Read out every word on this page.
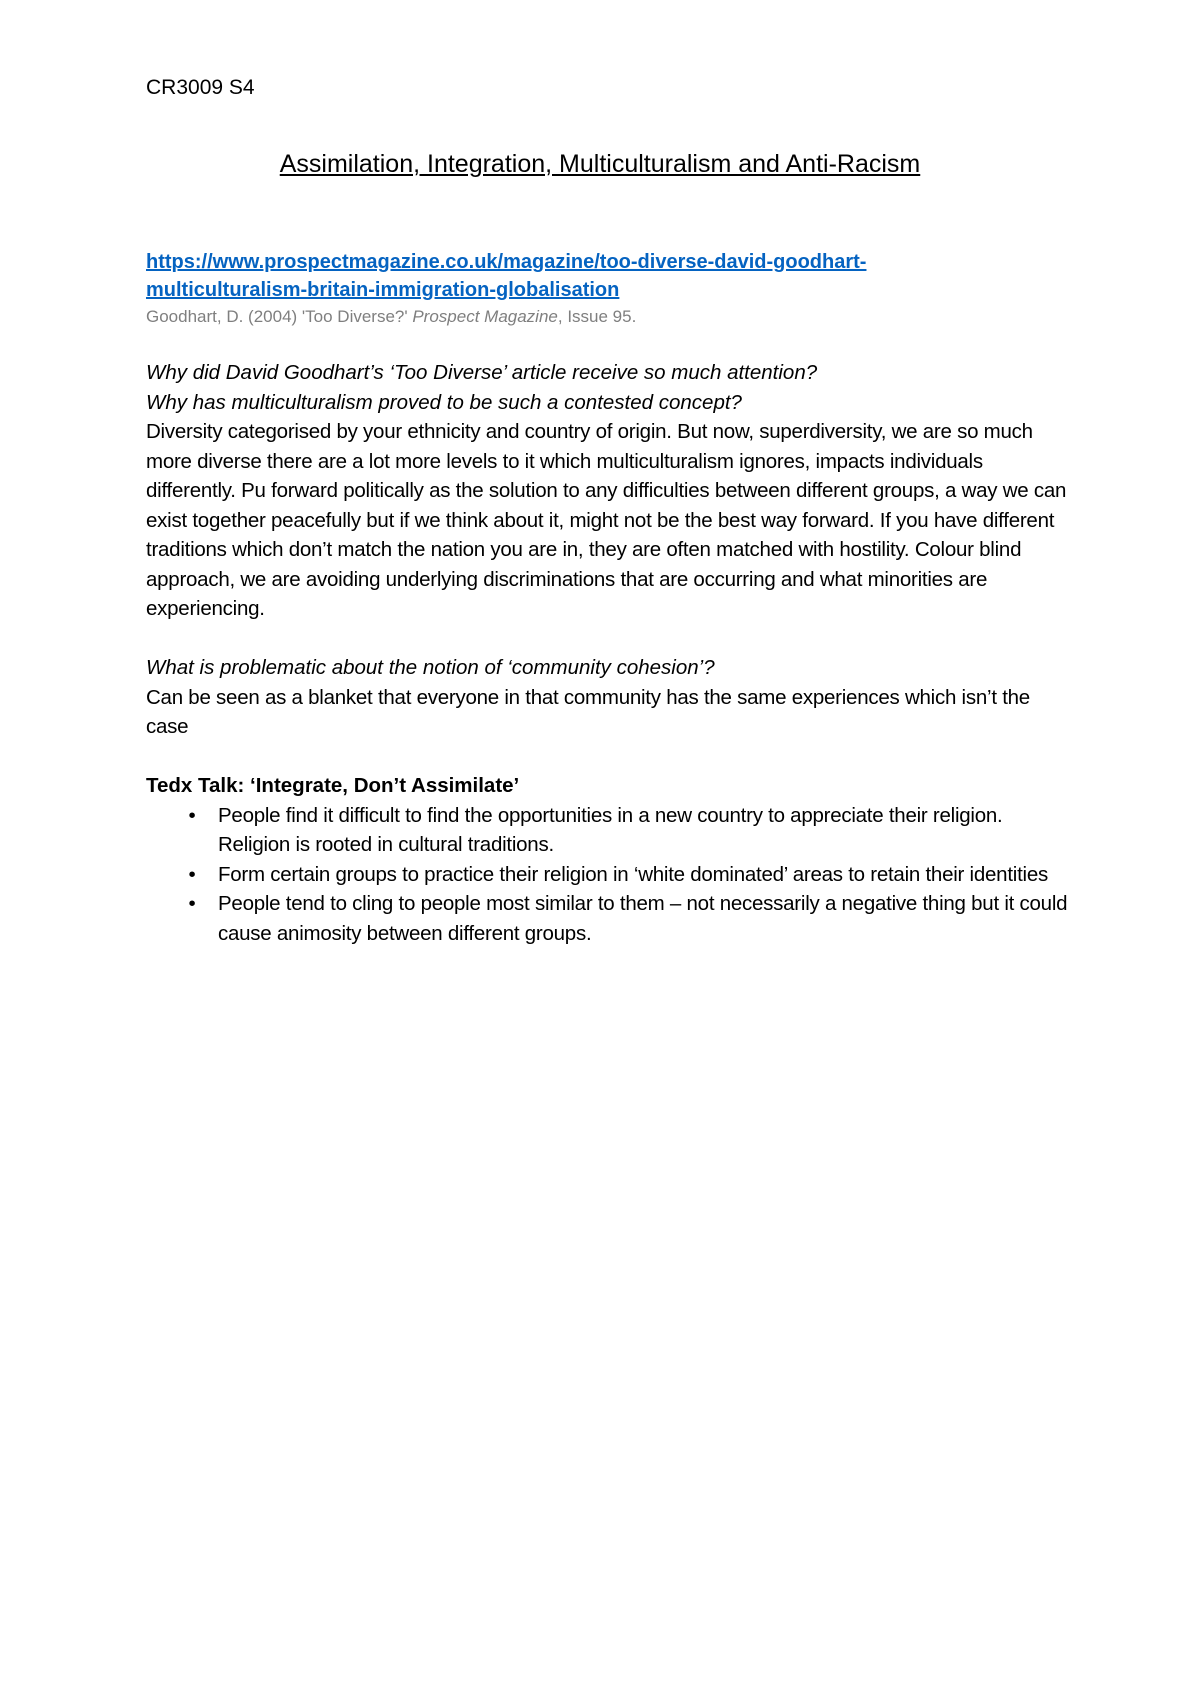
CR3009 S4
Assimilation, Integration, Multiculturalism and Anti-Racism
https://www.prospectmagazine.co.uk/magazine/too-diverse-david-goodhart-
multiculturalism-britain-immigration-globalisation
Goodhart, D. (2004) 'Too Diverse?' Prospect Magazine, Issue 95.

Why did David Goodhart’s ‘Too Diverse’ article receive so much attention?

Why has multiculturalism proved to be such a contested concept?

Diversity categorised by your ethnicity and country of origin. But now, superdiversity, we are so much more diverse there are a lot more levels to it which multiculturalism ignores, impacts individuals differently. Pu forward politically as the solution to any difficulties between different groups, a way we can exist together peacefully but if we think about it, might not be the best way forward. If you have different traditions which don’t match the nation you are in, they are often matched with hostility. Colour blind approach, we are avoiding underlying discriminations that are occurring and what minorities are experiencing.

What is problematic about the notion of ‘community cohesion’?

Can be seen as a blanket that everyone in that community has the same experiences which isn’t the case

Tedx Talk: ‘Integrate, Don’t Assimilate’

• People find it difficult to find the opportunities in a new country to appreciate their religion. Religion is rooted in cultural traditions.
• Form certain groups to practice their religion in ‘white dominated’ areas to retain their identities
• People tend to cling to people most similar to them – not necessarily a negative thing but it could cause animosity between different groups.
